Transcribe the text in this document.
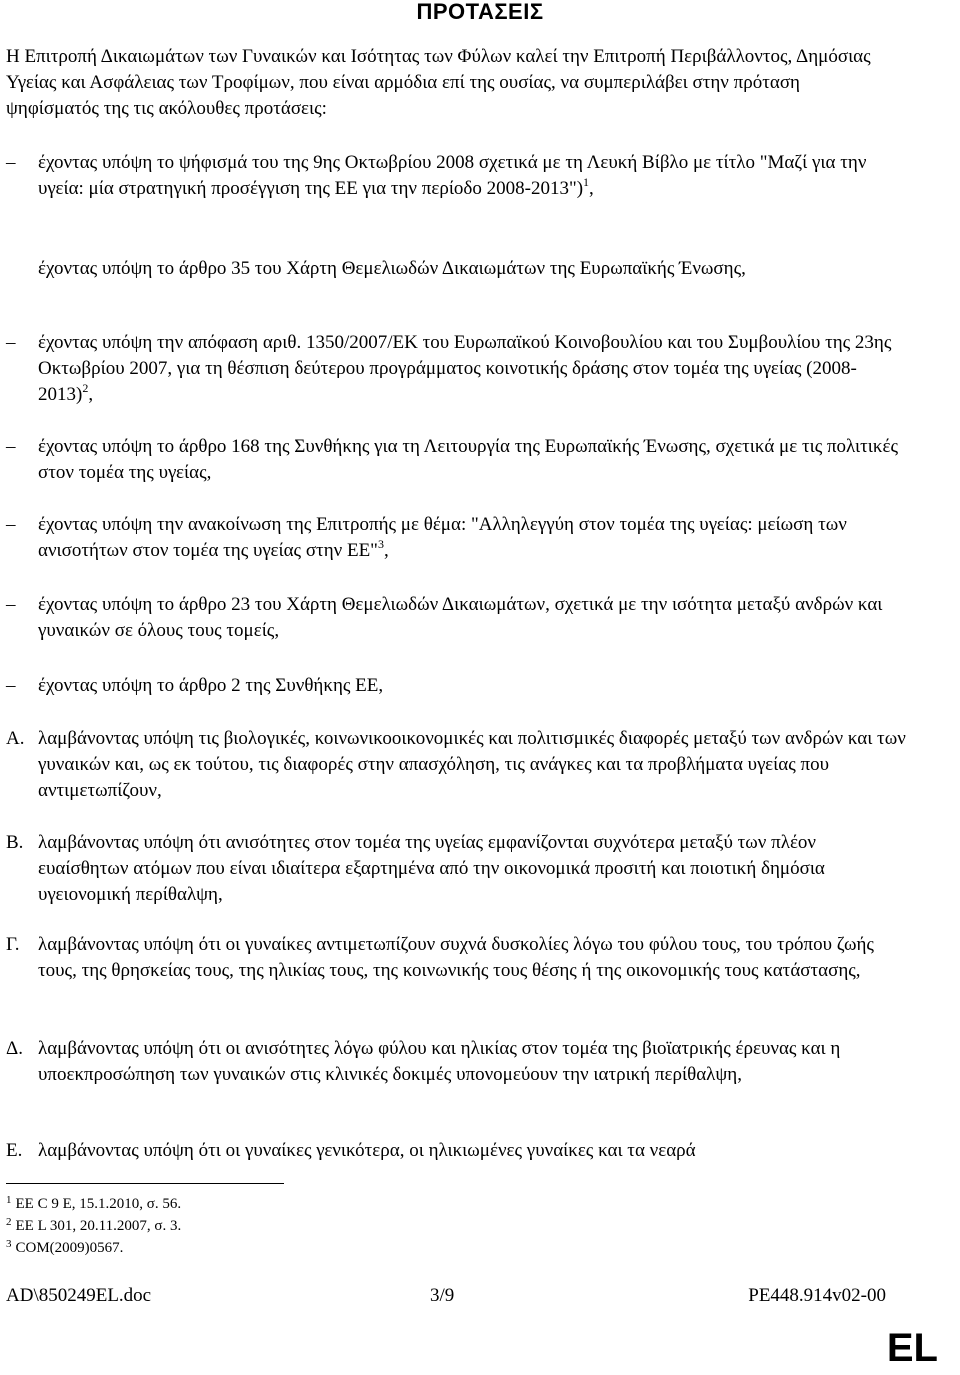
ΠΡΟΤΑΣΕΙΣ
Η Επιτροπή Δικαιωμάτων των Γυναικών και Ισότητας των Φύλων καλεί την Επιτροπή Περιβάλλοντος, Δημόσιας Υγείας και Ασφάλειας των Τροφίμων, που είναι αρμόδια επί της ουσίας, να συμπεριλάβει στην πρόταση ψηφίσματός της τις ακόλουθες προτάσεις:
–	έχοντας υπόψη το ψήφισμά του της 9ης Οκτωβρίου 2008 σχετικά με τη Λευκή Βίβλο με τίτλο "Μαζί για την υγεία: μία στρατηγική προσέγγιση της ΕΕ για την περίοδο 2008-2013")$^1$,
έχοντας υπόψη το άρθρο 35 του Χάρτη Θεμελιωδών Δικαιωμάτων της Ευρωπαϊκής Ένωσης,
–	έχοντας υπόψη την απόφαση αριθ. 1350/2007/ΕΚ του Ευρωπαϊκού Κοινοβουλίου και του Συμβουλίου της 23ης Οκτωβρίου 2007, για τη θέσπιση δεύτερου προγράμματος κοινοτικής δράσης στον τομέα της υγείας (2008-2013)$^2$,
–	έχοντας υπόψη το άρθρο 168 της Συνθήκης για τη Λειτουργία της Ευρωπαϊκής Ένωσης, σχετικά με τις πολιτικές στον τομέα της υγείας,
–	έχοντας υπόψη την ανακοίνωση της Επιτροπής με θέμα: "Αλληλεγγύη στον τομέα της υγείας: μείωση των ανισοτήτων στον τομέα της υγείας στην ΕΕ"$^3$,
–	έχοντας υπόψη το άρθρο 23 του Χάρτη Θεμελιωδών Δικαιωμάτων, σχετικά με την ισότητα μεταξύ ανδρών και γυναικών σε όλους τους τομείς,
–	έχοντας υπόψη το άρθρο 2 της Συνθήκης ΕΕ,
Α. λαμβάνοντας υπόψη τις βιολογικές, κοινωνικοοικονομικές και πολιτισμικές διαφορές μεταξύ των ανδρών και των γυναικών και, ως εκ τούτου, τις διαφορές στην απασχόληση, τις ανάγκες και τα προβλήματα υγείας που αντιμετωπίζουν,
Β. λαμβάνοντας υπόψη ότι ανισότητες στον τομέα της υγείας εμφανίζονται συχνότερα μεταξύ των πλέον ευαίσθητων ατόμων που είναι ιδιαίτερα εξαρτημένα από την οικονομικά προσιτή και ποιοτική δημόσια υγειονομική περίθαλψη,
Γ. λαμβάνοντας υπόψη ότι οι γυναίκες αντιμετωπίζουν συχνά δυσκολίες λόγω του φύλου τους, του τρόπου ζωής τους, της θρησκείας τους, της ηλικίας τους, της κοινωνικής τους θέσης ή της οικονομικής τους κατάστασης,
Δ. λαμβάνοντας υπόψη ότι οι ανισότητες λόγω φύλου και ηλικίας στον τομέα της βιοϊατρικής έρευνας και η υποεκπροσώπηση των γυναικών στις κλινικές δοκιμές υπονομεύουν την ιατρική περίθαλψη,
Ε. λαμβάνοντας υπόψη ότι οι γυναίκες γενικότερα, οι ηλικιωμένες γυναίκες και τα νεαρά
$^1$ ΕΕ C 9 Ε, 15.1.2010, σ. 56.
$^2$ ΕΕ L 301, 20.11.2007, σ. 3.
$^3$ COM(2009)0567.
AD\850249EL.doc	3/9	PE448.914v02-00
EL
